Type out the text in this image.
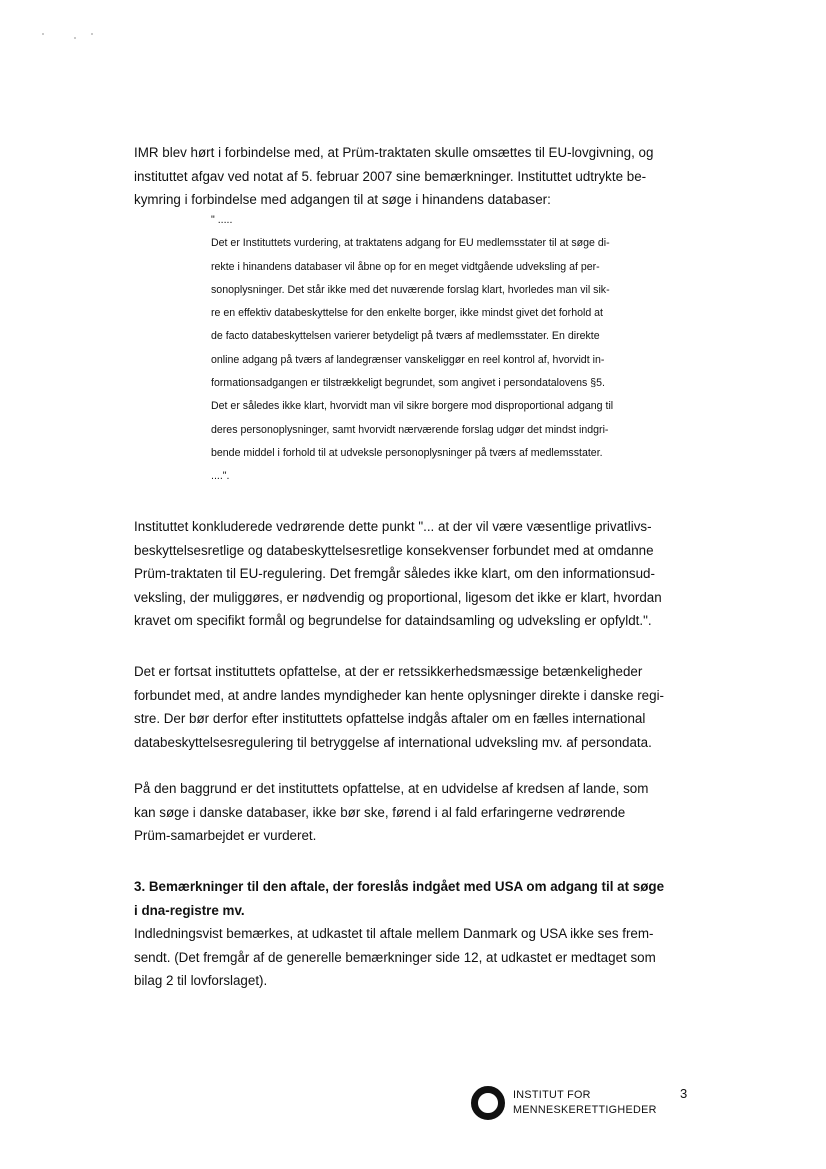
IMR blev hørt i forbindelse med, at Prüm-traktaten skulle omsættes til EU-lovgivning, og
instituttet afgav ved notat af 5. februar 2007 sine bemærkninger. Instituttet udtrykte be-
kymring i forbindelse med adgangen til at søge i hinandens databaser:

" .....
Det er Instituttets vurdering, at traktatens adgang for EU medlemsstater til at søge di-
rekte i hinandens databaser vil åbne op for en meget vidtgående udveksling af per-
sonoplysninger. Det står ikke med det nuværende forslag klart, hvorledes man vil sik-
re en effektiv databeskyttelse for den enkelte borger, ikke mindst givet det forhold at
de facto databeskyttelsen varierer betydeligt på tværs af medlemsstater. En direkte
online adgang på tværs af landegrænser vanskeliggør en reel kontrol af, hvorvidt in-
formationsadgangen er tilstrækkeligt begrundet, som angivet i persondatalovens §5.
Det er således ikke klart, hvorvidt man vil sikre borgere mod disproportional adgang til
deres personoplysninger, samt hvorvidt nærværende forslag udgør det mindst indgri-
bende middel i forhold til at udveksle personoplysninger på tværs af medlemsstater.
....".

Instituttet konkluderede vedrørende dette punkt "... at der vil være væsentlige privatlivs-
beskyttelsesretlige og databeskyttelsesretlige konsekvenser forbundet med at omdanne
Prüm-traktaten til EU-regulering. Det fremgår således ikke klart, om den informationsud-
veksling, der muliggøres, er nødvendig og proportional, ligesom det ikke er klart, hvordan
kravet om specifikt formål og begrundelse for dataindsamling og udveksling er opfyldt.".

Det er fortsat instituttets opfattelse, at der er retssikkerhedsmæssige betænkeligheder
forbundet med, at andre landes myndigheder kan hente oplysninger direkte i danske regi-
stre. Der bør derfor efter instituttets opfattelse indgås aftaler om en fælles international
databeskyttelsesregulering til betryggelse af international udveksling mv. af persondata.

På den baggrund er det instituttets opfattelse, at en udvidelse af kredsen af lande, som
kan søge i danske databaser, ikke bør ske, førend i al fald erfaringerne vedrørende
Prüm-samarbejdet er vurderet.

3. Bemærkninger til den aftale, der foreslås indgået med USA om adgang til at søge
i dna-registre mv.
Indledningsvist bemærkes, at udkastet til aftale mellem Danmark og USA ikke ses frem-
sendt. (Det fremgår af de generelle bemærkninger side 12, at udkastet er medtaget som
bilag 2 til lovforslaget).
INSTITUT FOR
MENNESKERETTIGHEDER
3
